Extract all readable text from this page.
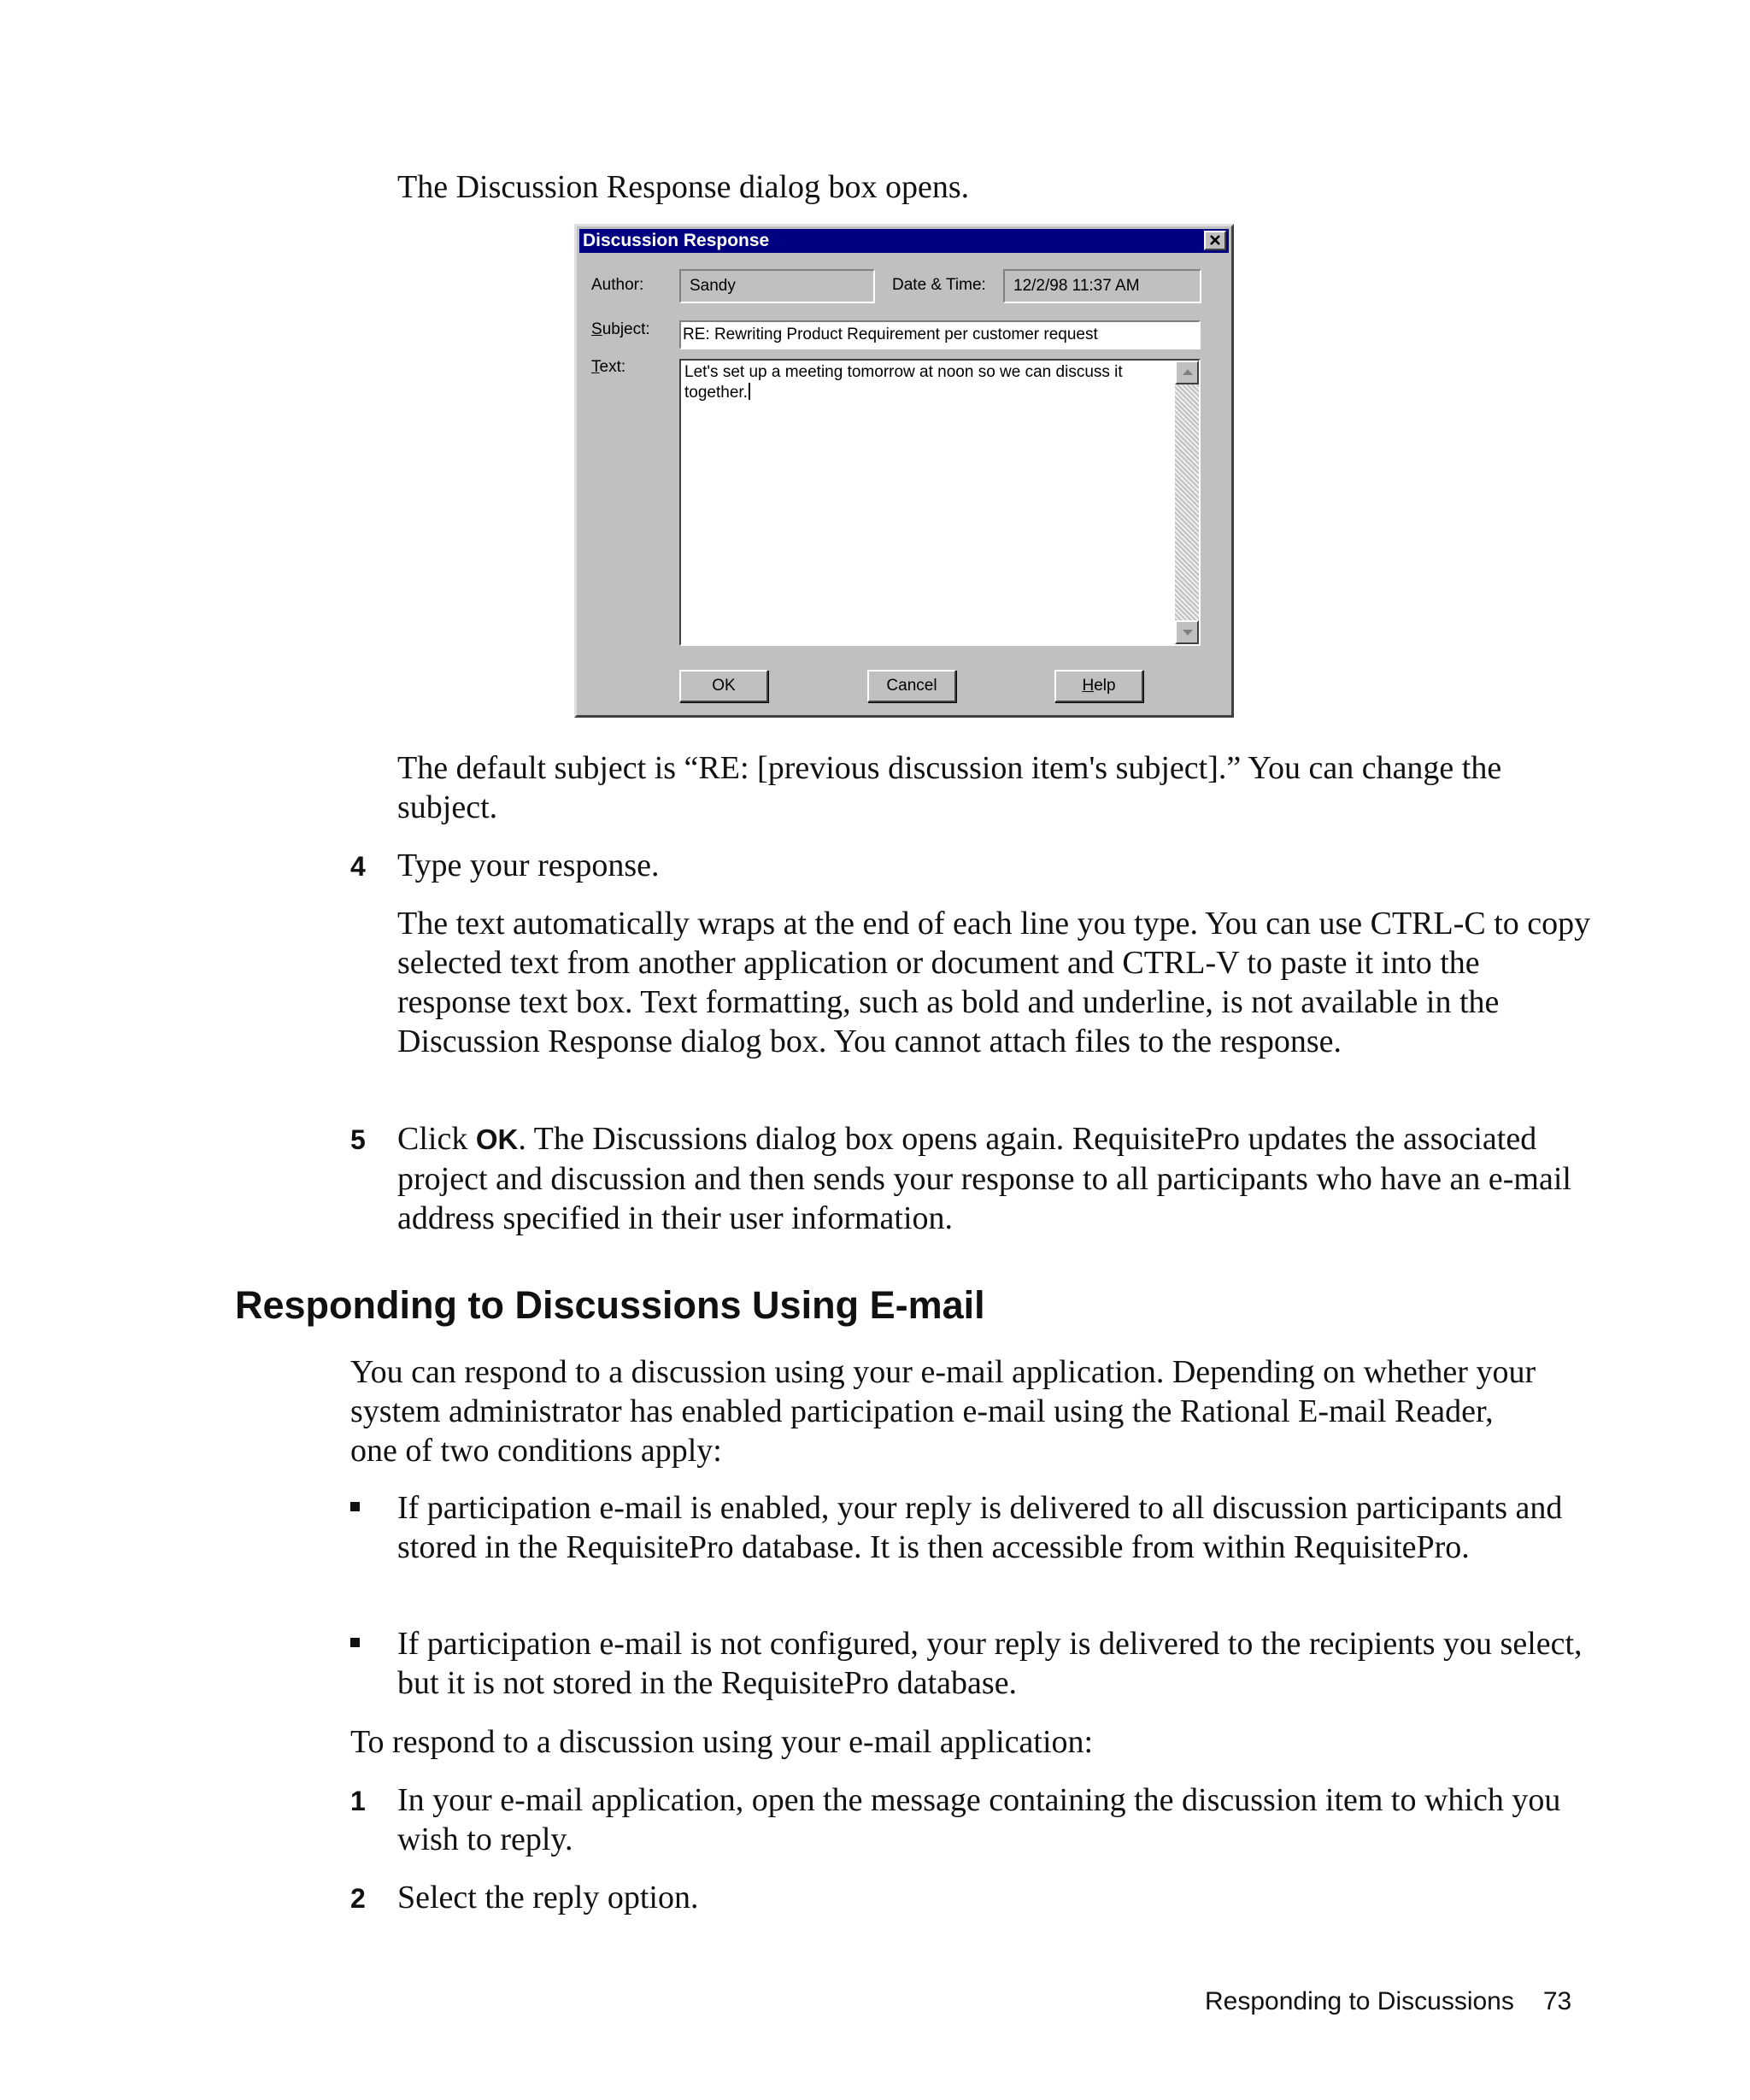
The Discussion Response dialog box opens.

Discussion Response
Author:	Sandy	Date & Time:	12/2/98 11:37 AM
Subject: RE: Rewriting Product Requirement per customer request
Text:	Let's set up a meeting tomorrow at noon so we can discuss it
together.
OK	Cancel	Help

The default subject is “RE: [previous discussion item's subject].” You can change the subject.

4 Type your response.

The text automatically wraps at the end of each line you type. You can use CTRL-C to copy selected text from another application or document and CTRL-V to paste it into the response text box. Text formatting, such as bold and underline, is not available in the Discussion Response dialog box. You cannot attach files to the response.

5 Click OK. The Discussions dialog box opens again. RequisitePro updates the associated project and discussion and then sends your response to all participants who have an e-mail address specified in their user information.

Responding to Discussions Using E-mail

You can respond to a discussion using your e-mail application. Depending on whether your system administrator has enabled participation e-mail using the Rational E-mail Reader, one of two conditions apply:

If participation e-mail is enabled, your reply is delivered to all discussion participants and stored in the RequisitePro database. It is then accessible from within RequisitePro.

If participation e-mail is not configured, your reply is delivered to the recipients you select, but it is not stored in the RequisitePro database.

To respond to a discussion using your e-mail application:

1 In your e-mail application, open the message containing the discussion item to which you wish to reply.

2 Select the reply option.

Responding to Discussions 73
